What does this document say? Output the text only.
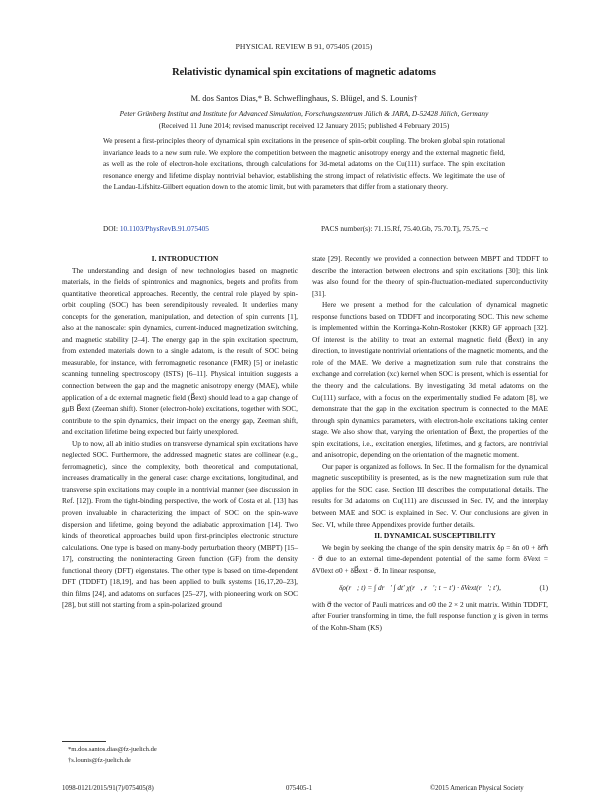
PHYSICAL REVIEW B 91, 075405 (2015)
Relativistic dynamical spin excitations of magnetic adatoms
M. dos Santos Dias,* B. Schweflinghaus, S. Blügel, and S. Lounis†
Peter Grünberg Institut and Institute for Advanced Simulation, Forschungszentrum Jülich & JARA, D-52428 Jülich, Germany
(Received 11 June 2014; revised manuscript received 12 January 2015; published 4 February 2015)
We present a first-principles theory of dynamical spin excitations in the presence of spin-orbit coupling. The broken global spin rotational invariance leads to a new sum rule. We explore the competition between the magnetic anisotropy energy and the external magnetic field, as well as the role of electron-hole excitations, through calculations for 3d-metal adatoms on the Cu(111) surface. The spin excitation resonance energy and lifetime display nontrivial behavior, establishing the strong impact of relativistic effects. We legitimate the use of the Landau-Lifshitz-Gilbert equation down to the atomic limit, but with parameters that differ from a stationary theory.
DOI: 10.1103/PhysRevB.91.075405	PACS number(s): 71.15.Rf, 75.40.Gb, 75.70.Tj, 75.75.−c

I. INTRODUCTION

The understanding and design of new technologies based on magnetic materials, in the fields of spintronics and magnonics, begets and profits from quantitative theoretical approaches. Recently, the central role played by spin-orbit coupling (SOC) has been serendipitously revealed. It underlies many concepts for the generation, manipulation, and detection of spin currents [1], also at the nanoscale: spin dynamics, current-induced magnetization switching, and magnetic stability [2–4]. The energy gap in the spin excitation spectrum, from extended materials down to a single adatom, is the result of SOC being measurable, for instance, with ferromagnetic resonance (FMR) [5] or inelastic scanning tunneling spectroscopy (ISTS) [6–11]. Physical intuition suggests a connection between the gap and the magnetic anisotropy energy (MAE), while application of a dc external magnetic field (B⃗ext) should lead to a gap change of gμB B⃗ext (Zeeman shift). Stoner (electron-hole) excitations, together with SOC, contribute to the spin dynamics, their impact on the energy gap, Zeeman shift, and excitation lifetime being expected but fairly unexplored.

Up to now, all ab initio studies on transverse dynamical spin excitations have neglected SOC. Furthermore, the addressed magnetic states are collinear (e.g., ferromagnetic), since the complexity, both theoretical and computational, increases dramatically in the general case: charge excitations, longitudinal, and transverse spin excitations may couple in a nontrivial manner (see discussion in Ref. [12]). From the tight-binding perspective, the work of Costa et al. [13] has proven invaluable in characterizing the impact of SOC on the spin-wave dispersion and lifetime, going beyond the adiabatic approximation [14]. Two kinds of theoretical approaches build upon first-principles electronic structure calculations. One type is based on many-body perturbation theory (MBPT) [15–17], constructing the noninteracting Green function (GF) from the density functional theory (DFT) eigenstates. The other type is based on time-dependent DFT (TDDFT) [18,19], and has been applied to bulk systems [16,17,20–23], thin films [24], and adatoms on surfaces [25–27], with pioneering work on SOC [28], but still not starting from a spin-polarized ground

state [29]. Recently we provided a connection between MBPT and TDDFT to describe the interaction between electrons and spin excitations [30]; this link was also found for the theory of spin-fluctuation-mediated superconductivity [31].

Here we present a method for the calculation of dynamical magnetic response functions based on TDDFT and incorporating SOC. This new scheme is implemented within the Korringa-Kohn-Rostoker (KKR) GF approach [32]. Of interest is the ability to treat an external magnetic field (B⃗ext) in any direction, to investigate nontrivial orientations of the magnetic moments, and the role of the MAE. We derive a magnetization sum rule that constrains the exchange and correlation (xc) kernel when SOC is present, which is essential for the theory and the calculations. By investigating 3d metal adatoms on the Cu(111) surface, with a focus on the experimentally studied Fe adatom [8], we demonstrate that the gap in the excitation spectrum is connected to the MAE through spin dynamics parameters, with electron-hole excitations taking center stage. We also show that, varying the orientation of B⃗ext, the properties of the spin excitations, i.e., excitation energies, lifetimes, and g factors, are nontrivial and anisotropic, depending on the orientation of the magnetic moment.

Our paper is organized as follows. In Sec. II the formalism for the dynamical magnetic susceptibility is presented, as is the new magnetization sum rule that applies for the SOC case. Section III describes the computational details. The results for 3d adatoms on Cu(111) are discussed in Sec. IV, and the interplay between MAE and SOC is explained in Sec. V. Our conclusions are given in Sec. VI, while three Appendixes provide further details.

II. DYNAMICAL SUSCEPTIBILITY

We begin by seeking the change of the spin density matrix δρ = δn σ0 + δm⃗ · σ⃗ due to an external time-dependent potential of the same form δVext = δV0ext σ0 + δB⃗ext · σ⃗. In linear response,

δρ(r⃗; t) = ∫ dr⃗′ ∫ dt′ χ(r⃗, r⃗′; t − t′) · δVext(r⃗′; t′),	(1)

with σ⃗ the vector of Pauli matrices and σ0 the 2 × 2 unit matrix. Within TDDFT, after Fourier transforming in time, the full response function χ is given in terms of the Kohn-Sham (KS)

*m.dos.santos.dias@fz-juelich.de
†s.lounis@fz-juelich.de
1098-0121/2015/91(7)/075405(8)	075405-1	©2015 American Physical Society
